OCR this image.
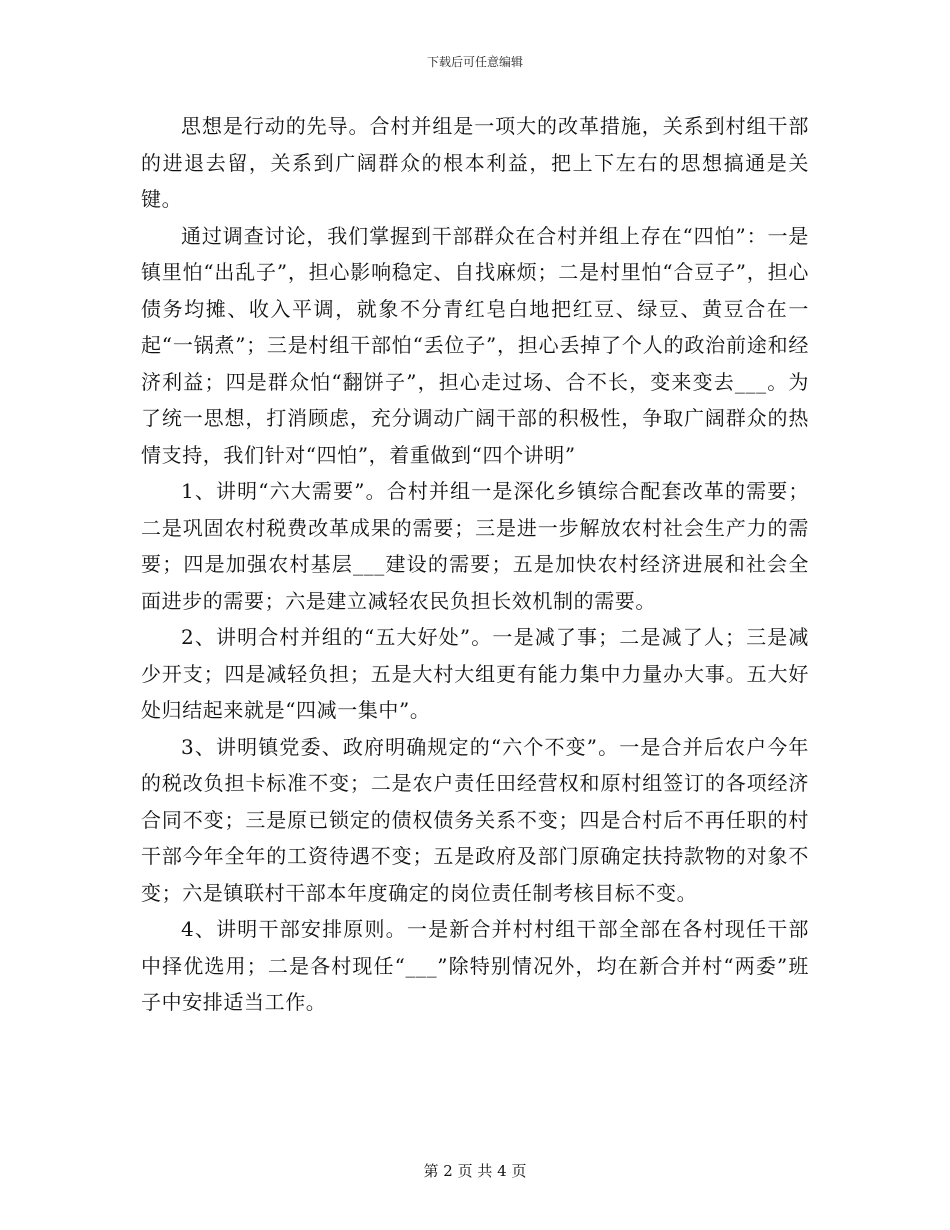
下载后可任意编辑

思想是行动的先导。合村并组是一项大的改革措施，关系到村组干部的进退去留，关系到广阔群众的根本利益，把上下左右的思想搞通是关键。

通过调查讨论，我们掌握到干部群众在合村并组上存在“四怕”：一是镇里怕“出乱子”，担心影响稳定、自找麻烦；二是村里怕“合豆子”，担心债务均摊、收入平调，就象不分青红皂白地把红豆、绿豆、黄豆合在一起“一锅煮”；三是村组干部怕“丢位子”，担心丢掉了个人的政治前途和经济利益；四是群众怕“翻饼子”，担心走过场、合不长，变来变去___。为了统一思想，打消顾虑，充分调动广阔干部的积极性，争取广阔群众的热情支持，我们针对“四怕”，着重做到“四个讲明”

1、讲明“六大需要”。合村并组一是深化乡镇综合配套改革的需要；二是巩固农村税费改革成果的需要；三是进一步解放农村社会生产力的需要；四是加强农村基层___建设的需要；五是加快农村经济进展和社会全面进步的需要；六是建立减轻农民负担长效机制的需要。

2、讲明合村并组的“五大好处”。一是减了事；二是减了人；三是减少开支；四是减轻负担；五是大村大组更有能力集中力量办大事。五大好处归结起来就是“四减一集中”。

3、讲明镇党委、政府明确规定的“六个不变”。一是合并后农户今年的税改负担卡标准不变；二是农户责任田经营权和原村组签订的各项经济合同不变；三是原已锁定的债权债务关系不变；四是合村后不再任职的村干部今年全年的工资待遇不变；五是政府及部门原确定扶持款物的对象不变；六是镇联村干部本年度确定的岗位责任制考核目标不变。

4、讲明干部安排原则。一是新合并村村组干部全部在各村现任干部中择优选用；二是各村现任“___”除特别情况外，均在新合并村“两委”班子中安排适当工作。

第 2 页 共 4 页
